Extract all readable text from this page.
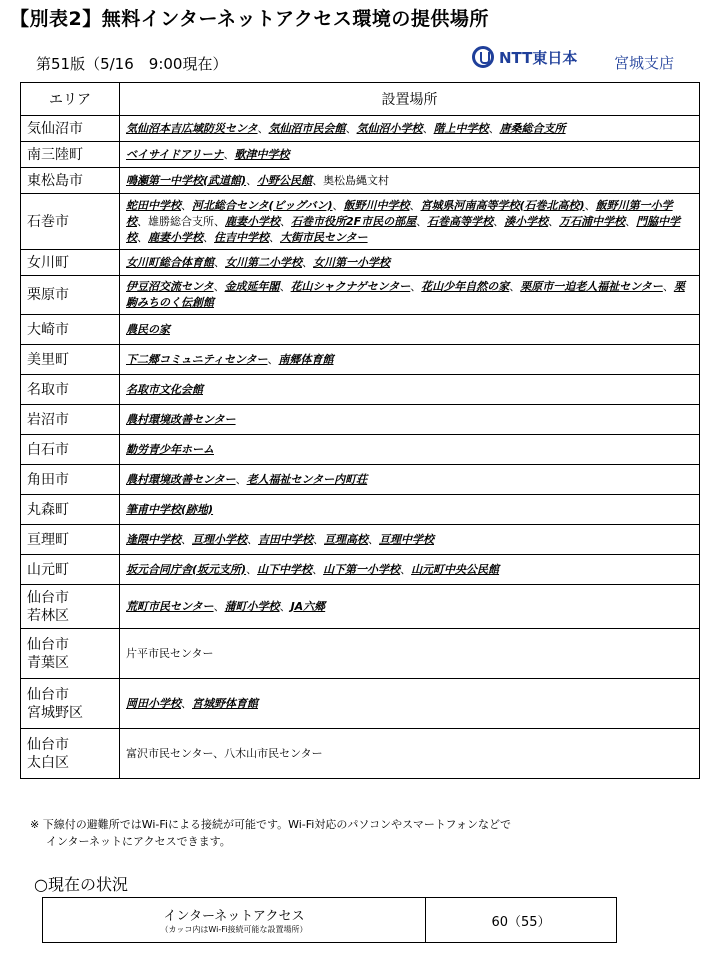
【別表2】無料インターネットアクセス環境の提供場所
第51版（5/16　9:00現在）	NTT東日本 宮城支店
エリア	設置場所

気仙沼市	気仙沼本吉広域防災センタ、気仙沼市民会館、気仙沼小学校、階上中学校、唐桑総合支所

南三陸町	ベイサイドアリーナ、歌津中学校

東松島市	鳴瀬第一中学校(武道館)、小野公民館、奥松島縄文村

石巻市	蛇田中学校、河北総合センタ(ビッグバン)、飯野川中学校、宮城県河南高等学校(石巻北高校)、飯野川第一小学校、雄勝総合支所、鹿妻小学校、石巻市役所2F市民の部屋、石巻高等学校、湊小学校、万石浦中学校、門脇中学校、鹿妻小学校、住吉中学校、大街市民センター

女川町	女川町総合体育館、女川第二小学校、女川第一小学校

栗原市	伊豆沼交流センタ、金成延年閣、花山シャクナゲセンター、花山少年自然の家、栗原市一迫老人福祉センター、栗駒みちのく伝創館

大崎市	農民の家

美里町	下二郷コミュニティセンター、南郷体育館

名取市	名取市文化会館

岩沼市	農村環境改善センター

白石市	勤労青少年ホーム

角田市	農村環境改善センター、老人福祉センター内町荘

丸森町	筆甫中学校(跡地)

亘理町	逢隈中学校、亘理小学校、吉田中学校、亘理高校、亘理中学校

山元町	坂元合同庁舎(坂元支所)、山下中学校、山下第一小学校、山元町中央公民館

仙台市
若林区	荒町市民センター、蒲町小学校、JA六郷

仙台市
青葉区	片平市民センター

仙台市
宮城野区	岡田小学校、宮城野体育館

仙台市
太白区	富沢市民センター、八木山市民センター
※ 下線付の避難所ではWi-Fiによる接続が可能です。Wi-Fi対応のパソコンやスマートフォンなどで
インターネットにアクセスできます。
○現在の状況
インターネットアクセス
（カッコ内はWi-Fi接続可能な設置場所）	60（55）
